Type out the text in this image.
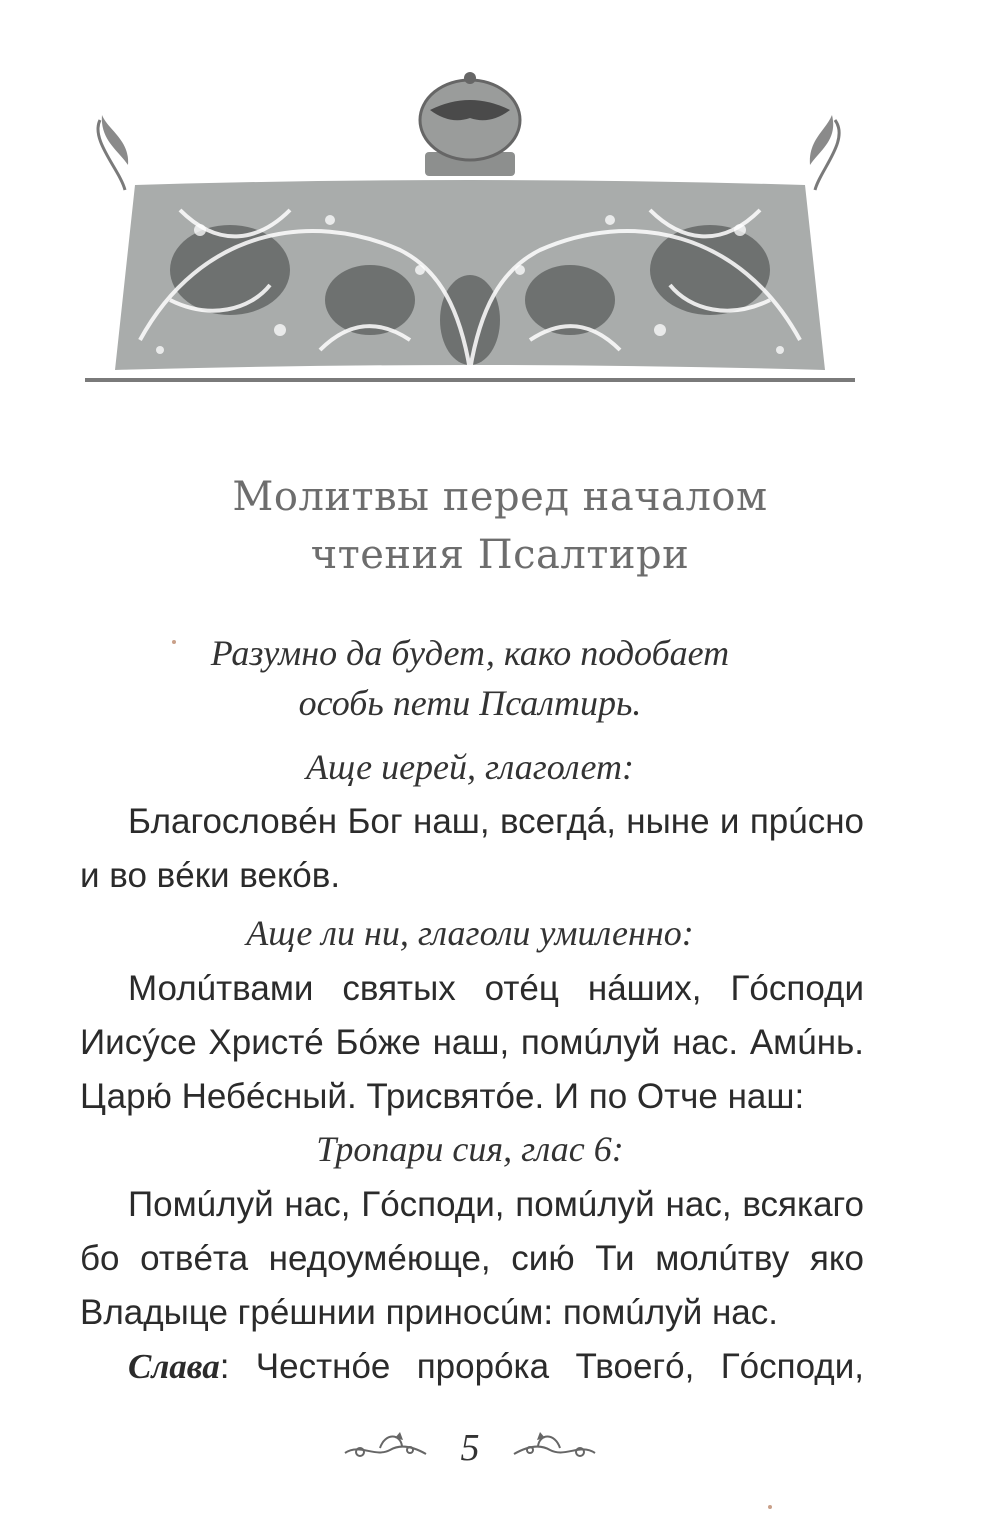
Молитвы перед началом
чтения Псалтири
Разумно да будет, како подобает
особь пети Псалтирь.
Аще иерей, глаголет:
Благословéн Бог наш, всегдá, нынe и прúсно
и во вéки векóв.
Аще ли ни, глаголи умиленно:
Молúтвами святых отéц нáших, Гóсподи
Иисýсе Христé Бóже наш, помúлуй нас. Амúнь.
Царю́ Небéсный. Трисвятóе. И по Отче наш:
Тропари сия, глас 6:
Помúлуй нас, Гóсподи, помúлуй нас, всякаго
бо отвéта недоумéюще, сию́ Ти молúтву яко
Владыце грéшнии приносúм: помúлуй нас.
Слава: Честнóе прорóка Твоегó, Гóсподи,
5
